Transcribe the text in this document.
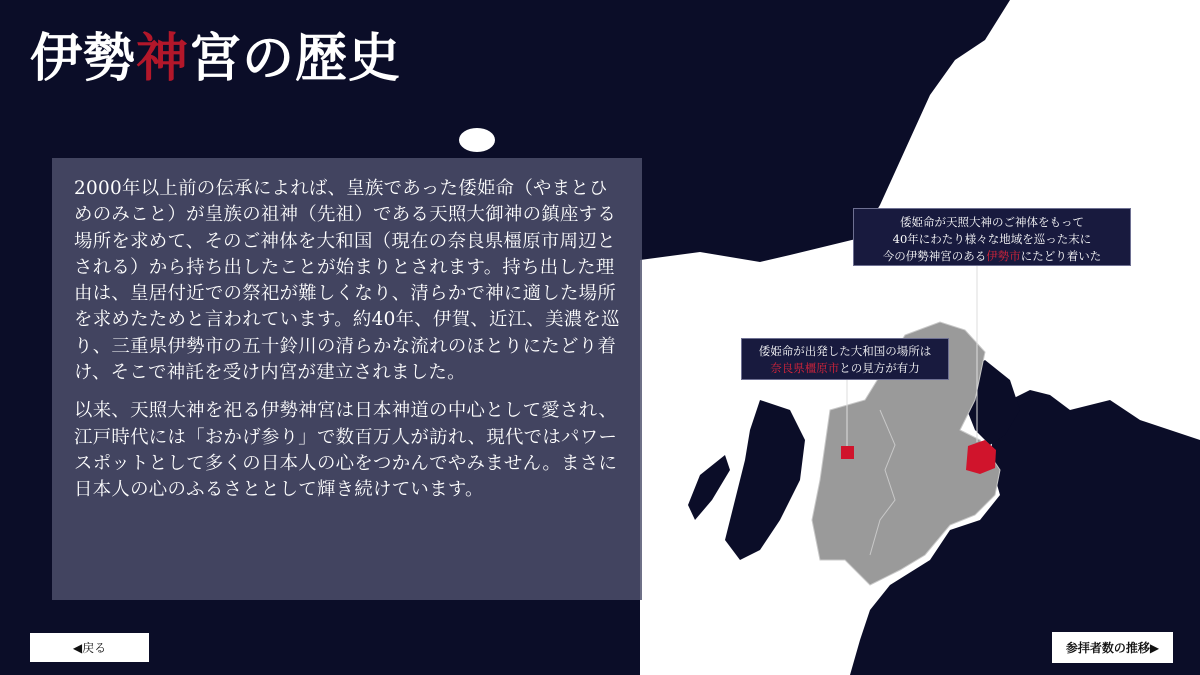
伊勢神宮の歴史

2000年以上前の伝承によれば、皇族であった倭姫命（やまとひめのみこと）が皇族の祖神（先祖）である天照大御神の鎮座する場所を求めて、そのご神体を大和国（現在の奈良県橿原市周辺とされる）から持ち出したことが始まりとされます。持ち出した理由は、皇居付近での祭祀が難しくなり、清らかで神に適した場所を求めたためと言われています。約40年、伊賀、近江、美濃を巡り、三重県伊勢市の五十鈴川の清らかな流れのほとりにたどり着け、そこで神託を受け内宮が建立されました。

以来、天照大神を祀る伊勢神宮は日本神道の中心として愛され、江戸時代には「おかげ参り」で数百万人が訪れ、現代ではパワースポットとして多くの日本人の心をつかんでやみません。まさに日本人の心のふるさととして輝き続けています。

倭姫命が天照大神のご神体をもって
40年にわたり様々な地域を巡った末に
今の伊勢神宮のある伊勢市にたどり着いた
倭姫命が出発した大和国の場所は
奈良県橿原市との見方が有力
◀戻る	参拝者数の推移▶
